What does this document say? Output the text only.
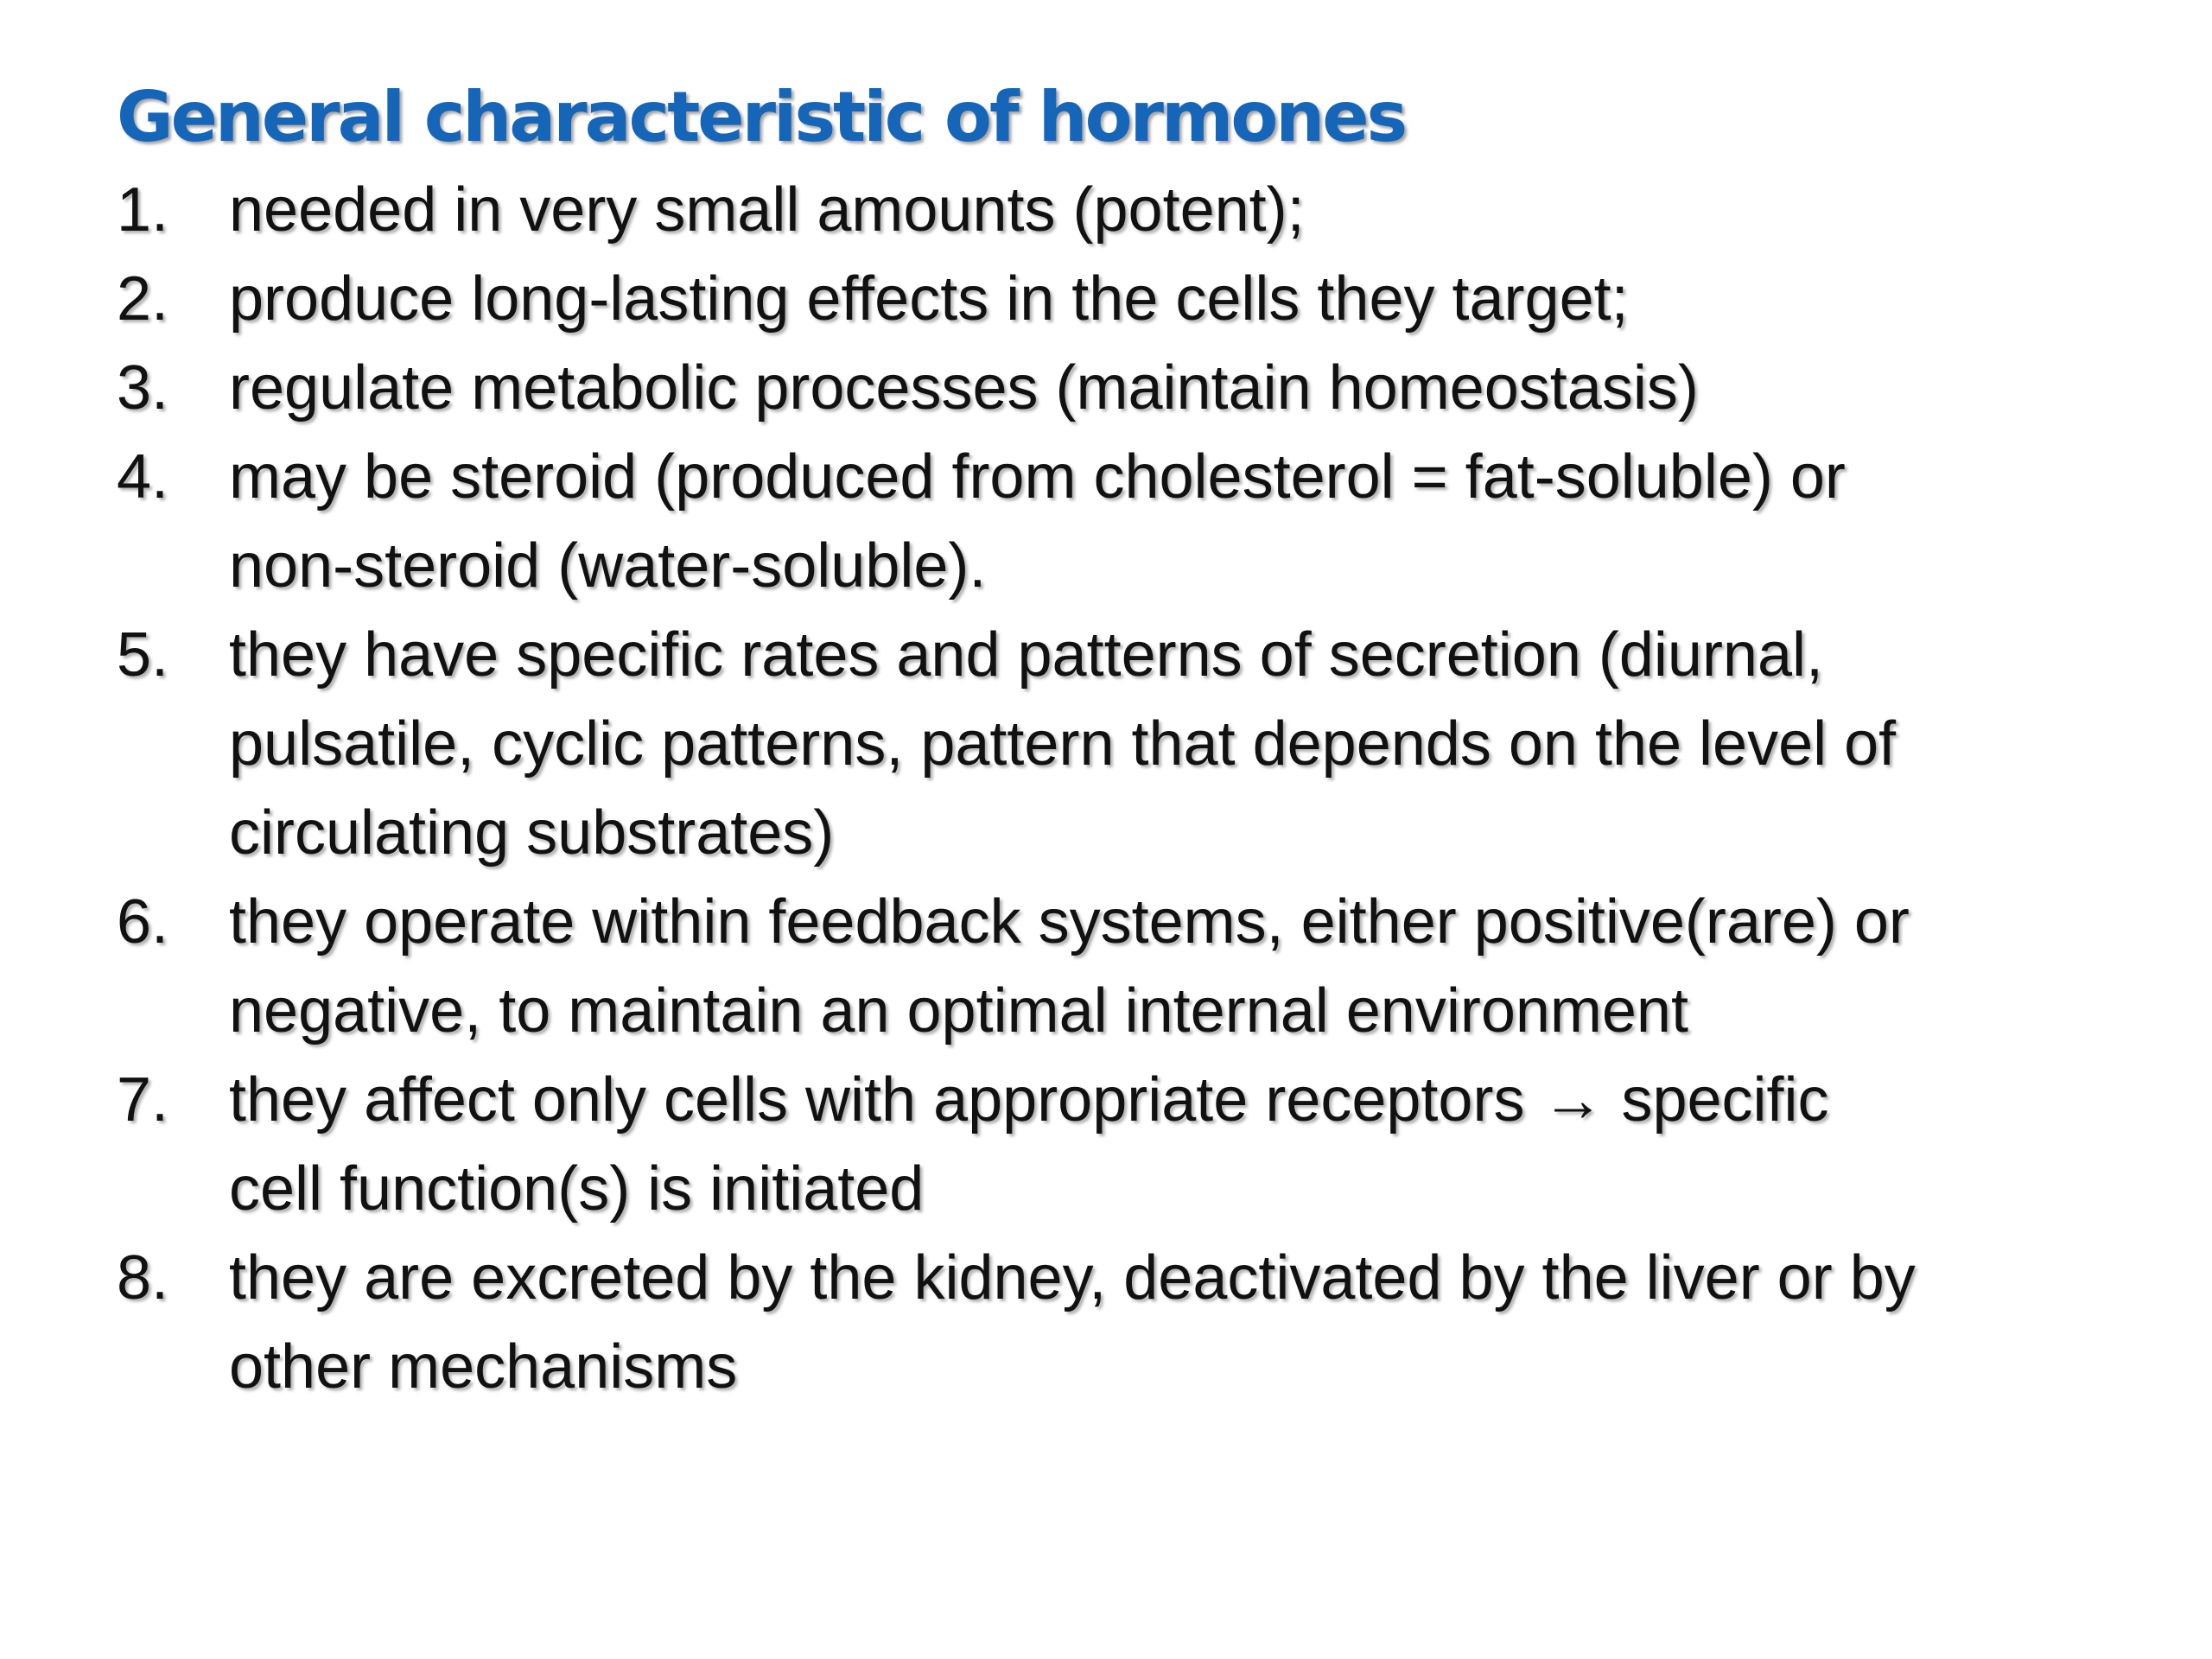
General characteristic of hormones
1. needed in very small amounts (potent);
2. produce long-lasting effects in the cells they target;
3. regulate metabolic processes (maintain homeostasis)
4. may be steroid (produced from cholesterol = fat-soluble) or
non-steroid (water-soluble).
5. they have specific rates and patterns of secretion (diurnal,
pulsatile, cyclic patterns, pattern that depends on the level of
circulating substrates)
6. they operate within feedback systems, either positive(rare) or
negative, to maintain an optimal internal environment
7. they affect only cells with appropriate receptors → specific
cell function(s) is initiated
8. they are excreted by the kidney, deactivated by the liver or by
other mechanisms
